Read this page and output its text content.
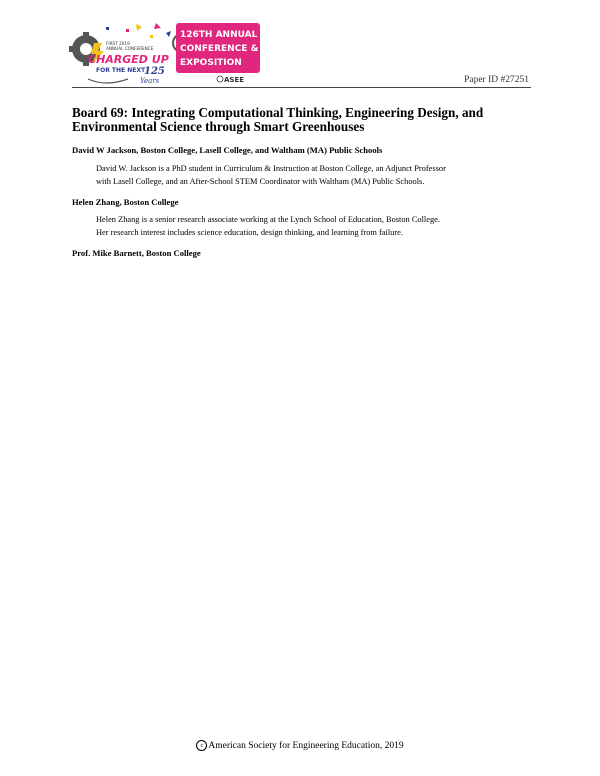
FIRST 2019
ANNUAL CONFERENCE
CHARGED UP
FOR THE NEXT
125
Years
126TH ANNUAL
CONFERENCE &
EXPOSITION
ASEE	Paper ID #27251
Board 69: Integrating Computational Thinking, Engineering Design, and
Environmental Science through Smart Greenhouses
David W Jackson, Boston College, Lasell College, and Waltham (MA) Public Schools
David W. Jackson is a PhD student in Curriculum & Instruction at Boston College, an Adjunct Professor
with Lasell College, and an After-School STEM Coordinator with Waltham (MA) Public Schools.
Helen Zhang, Boston College
Helen Zhang is a senior research associate working at the Lynch School of Education, Boston College.
Her research interest includes science education, design thinking, and learning from failure.
Prof. Mike Barnett, Boston College
c American Society for Engineering Education, 2019
